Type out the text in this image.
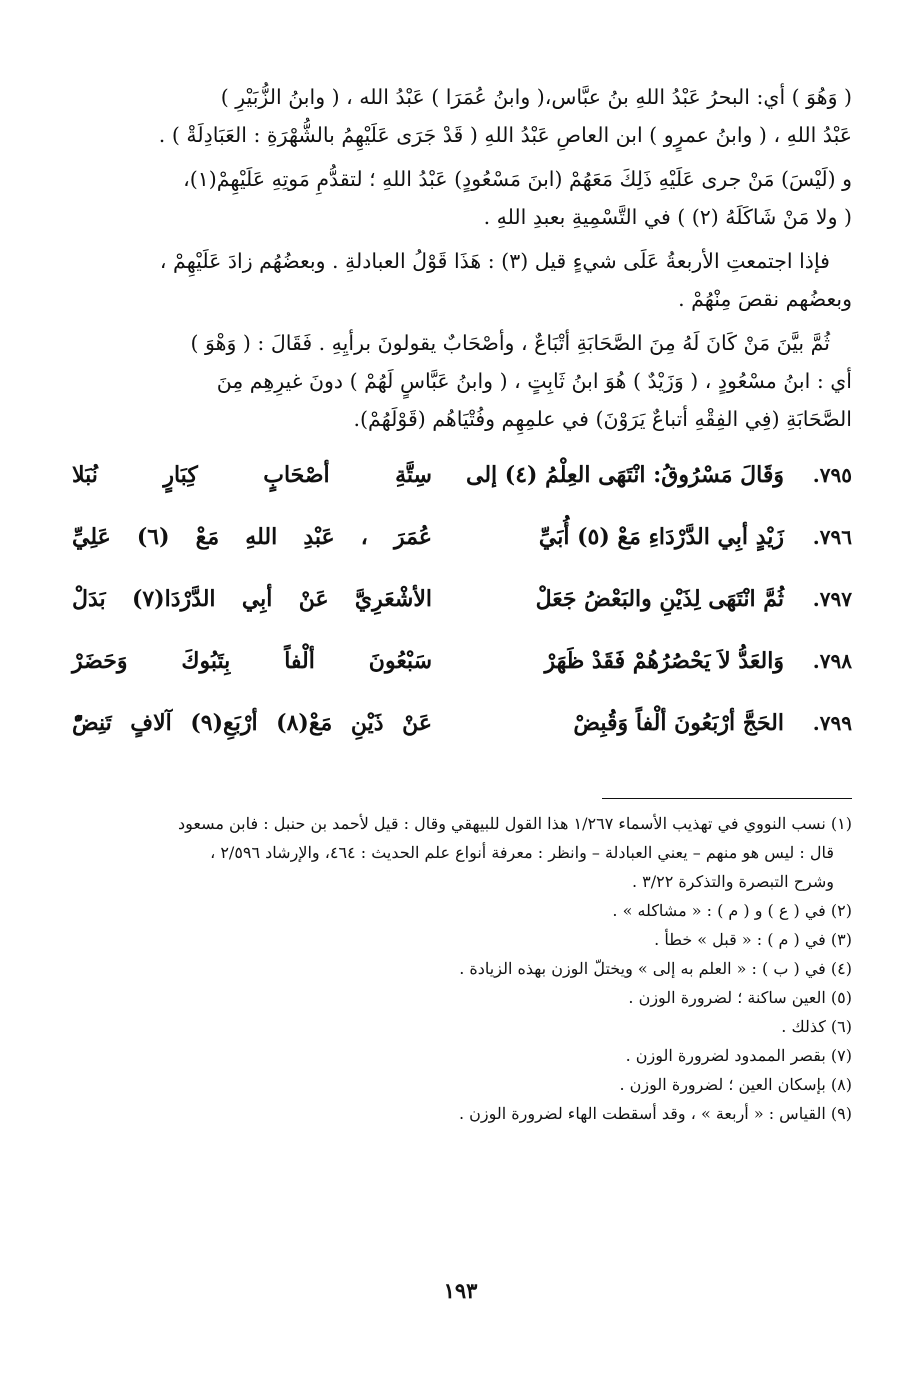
( وَهُوَ ) أي: البحرُ عَبْدُ اللهِ بنُ عبَّاس،( وابنُ عُمَرَا ) عَبْدُ الله ، ( وابنُ الزُّبَيْرِ )
عَبْدُ اللهِ ، ( وابنُ عمرٍو ) ابن العاصِ عَبْدُ اللهِ ( قَدْ جَرَى عَلَيْهِمُ بالشُّهْرَةِ : العَبَادِلَةْ ) .

و (لَيْسَ) مَنْ جرى عَلَيْهِ ذَلِكَ مَعَهُمْ (ابنَ مَسْعُودٍ) عَبْدُ اللهِ ؛ لتقدُّمِ مَوتِهِ عَلَيْهِمْ(١)،
( ولا مَنْ شَاكَلَهُ (٢) ) في التَّسْمِيةِ بعبدِ اللهِ .

فإذا اجتمعتِ الأربعةُ عَلَى شيءٍ قيل (٣) : هَذَا قَوْلُ العبادلةِ . وبعضُهُم زادَ عَلَيْهِمْ ،
وبعضُهم نقصَ مِنْهُمْ .

ثُمَّ بيَّنَ مَنْ كَانَ لَهُ مِنَ الصَّحَابَةِ أتْبَاعٌ ، وأصْحَابٌ يقولونَ برأيِهِ . فَقَالَ : ( وَهْوَ )
أي : ابنُ مسْعُودٍ ، ( وَزَيْدٌ ) هُوَ ابنُ ثَابِتٍ ، ( وابنُ عَبَّاسٍ لَهُمْ ) دونَ غيرِهِم مِنَ
الصَّحَابَةِ (فِي الفِقْهِ أتباعٌ يَرَوْنَ) في علمِهِم وفُتْيَاهُم (قَوْلَهُمْ).

٧٩٥.
وَقَالَ مَسْرُوقُ: انْتَهَى العِلْمُ (٤) إلى
سِتَّةِ أصْحَابٍ كِبَارٍ نُبَلا
٧٩٦.
زَيْدٍ أبِي الدَّرْدَاءِ مَعْ (٥) أُبَيِّ
عُمَرَ ، عَبْدِ اللهِ مَعْ (٦) عَلِيِّ
٧٩٧.
ثُمَّ انْتَهَى لِذَيْنِ والبَعْضُ جَعَلْ
الأشْعَرِيَّ عَنْ أبِي الدَّرْدَا(٧) بَدَلْ
٧٩٨.
وَالعَدُّ لاَ يَحْصُرُهُمْ فَقَدْ ظَهَرْ
سَبْعُونَ ألْفاً بِتَبُوكَ وَحَضَرْ
٧٩٩.
الحَجَّ أرْبَعُونَ ألْفاً وَقُبِضْ
عَنْ ذَيْنِ مَعْ(٨) أرْبَعِ(٩) آلافٍ تَنِضّْ

(١) نسب النووي في تهذيب الأسماء ١/٢٦٧ هذا القول للبيهقي وقال : قيل لأحمد بن حنبل : فابن مسعود
قال : ليس هو منهم – يعني العبادلة – وانظر : معرفة أنواع علم الحديث : ٤٦٤، والإرشاد ٢/٥٩٦ ،
وشرح التبصرة والتذكرة ٣/٢٢ .

(٢) في ( ع ) و ( م ) : « مشاكله » .

(٣) في ( م ) : « قبل » خطأ .

(٤) في ( ب ) : « العلم به إلى » ويختلّ الوزن بهذه الزيادة .

(٥) العين ساكنة ؛ لضرورة الوزن .

(٦) كذلك .

(٧) بقصر الممدود لضرورة الوزن .

(٨) بإسكان العين ؛ لضرورة الوزن .

(٩) القياس : « أربعة » ، وقد أسقطت الهاء لضرورة الوزن .

١٩٣
